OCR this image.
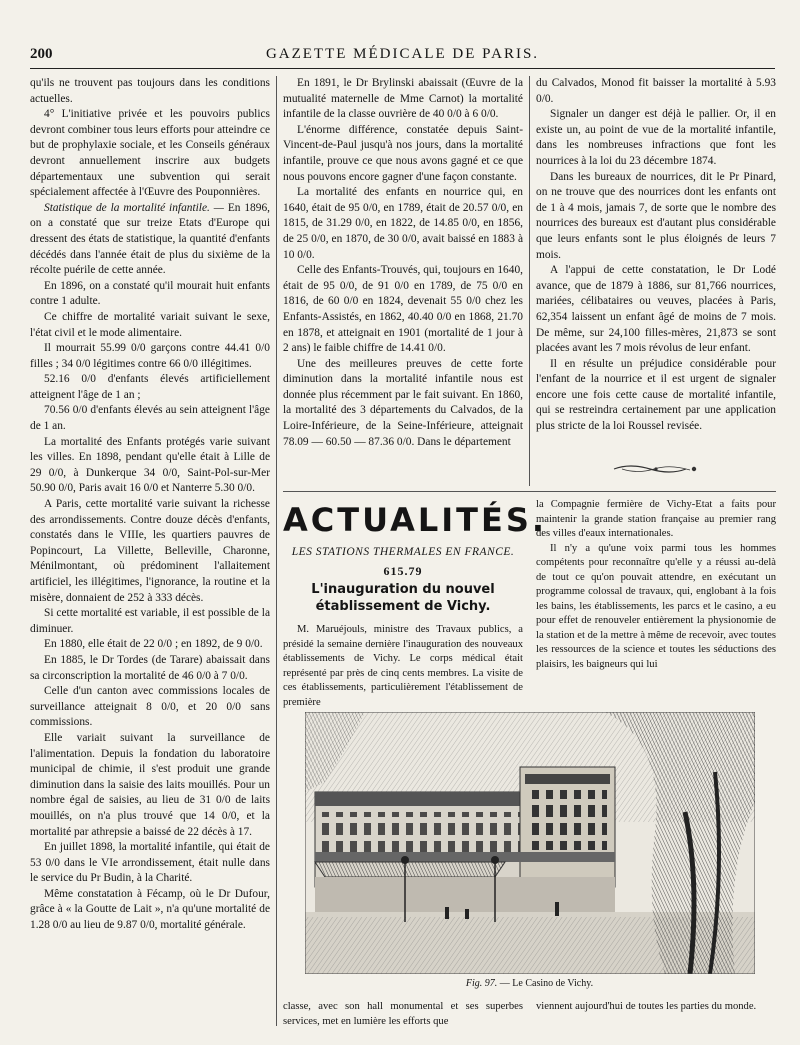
200	GAZETTE MÉDICALE DE PARIS.

qu'ils ne trouvent pas toujours dans les conditions actuelles.

4° L'initiative privée et les pouvoirs publics devront combiner tous leurs efforts pour atteindre ce but de prophylaxie sociale, et les Conseils généraux devront annuellement inscrire aux budgets départementaux une subvention qui serait spécialement affectée à l'Œuvre des Pouponnières.

Statistique de la mortalité infantile. — En 1896, on a constaté que sur treize Etats d'Europe qui dressent des états de statistique, la quantité d'enfants décédés dans l'année était de plus du sixième de la récolte puérile de cette année.

En 1896, on a constaté qu'il mourait huit enfants contre 1 adulte.

Ce chiffre de mortalité variait suivant le sexe, l'état civil et le mode alimentaire.

Il mourrait 55.99 0/0 garçons contre 44.41 0/0 filles ; 34 0/0 légitimes contre 66 0/0 illégitimes.

52.16 0/0 d'enfants élevés artificiellement atteignent l'âge de 1 an ;

70.56 0/0 d'enfants élevés au sein atteignent l'âge de 1 an.

La mortalité des Enfants protégés varie suivant les villes. En 1898, pendant qu'elle était à Lille de 29 0/0, à Dunkerque 34 0/0, Saint-Pol-sur-Mer 50.90 0/0, Paris avait 16 0/0 et Nanterre 5.30 0/0.

A Paris, cette mortalité varie suivant la richesse des arrondissements. Contre douze décès d'enfants, constatés dans le VIIIe, les quartiers pauvres de Popincourt, La Villette, Belleville, Charonne, Ménilmontant, où prédominent l'allaitement artificiel, les illégitimes, l'ignorance, la routine et la misère, donnaient de 252 à 333 décès.

Si cette mortalité est variable, il est possible de la diminuer.

En 1880, elle était de 22 0/0 ; en 1892, de 9 0/0.

En 1885, le Dr Tordes (de Tarare) abaissait dans sa circonscription la mortalité de 46 0/0 à 7 0/0.

Celle d'un canton avec commissions locales de surveillance atteignait 8 0/0, et 20 0/0 sans commissions.

Elle variait suivant la surveillance de l'alimentation. Depuis la fondation du laboratoire municipal de chimie, il s'est produit une grande diminution dans la saisie des laits mouillés. Pour un nombre égal de saisies, au lieu de 31 0/0 de laits mouillés, on n'a plus trouvé que 14 0/0, et la mortalité par athrepsie a baissé de 22 décès à 17.

En juillet 1898, la mortalité infantile, qui était de 53 0/0 dans le VIe arrondissement, était nulle dans le service du Pr Budin, à la Charité.

Même constatation à Fécamp, où le Dr Dufour, grâce à « la Goutte de Lait », n'a qu'une mortalité de 1.28 0/0 au lieu de 9.87 0/0, mortalité générale.

En 1891, le Dr Brylinski abaissait (Œuvre de la mutualité maternelle de Mme Carnot) la mortalité infantile de la classe ouvrière de 40 0/0 à 6 0/0.

L'énorme différence, constatée depuis Saint-Vincent-de-Paul jusqu'à nos jours, dans la mortalité infantile, prouve ce que nous avons gagné et ce que nous pouvons encore gagner d'une façon constante.

La mortalité des enfants en nourrice qui, en 1640, était de 95 0/0, en 1789, était de 20.57 0/0, en 1815, de 31.29 0/0, en 1822, de 14.85 0/0, en 1856, de 25 0/0, en 1870, de 30 0/0, avait baissé en 1883 à 10 0/0.

Celle des Enfants-Trouvés, qui, toujours en 1640, était de 95 0/0, de 91 0/0 en 1789, de 75 0/0 en 1816, de 60 0/0 en 1824, devenait 55 0/0 chez les Enfants-Assistés, en 1862, 40.40 0/0 en 1868, 21.70 en 1878, et atteignait en 1901 (mortalité de 1 jour à 2 ans) le faible chiffre de 14.41 0/0.

Une des meilleures preuves de cette forte diminution dans la mortalité infantile nous est donnée plus récemment par le fait suivant. En 1860, la mortalité des 3 départements du Calvados, de la Loire-Inférieure, de la Seine-Inférieure, atteignait 78.09 — 60.50 — 87.36 0/0. Dans le département

du Calvados, Monod fit baisser la mortalité à 5.93 0/0.

Signaler un danger est déjà le pallier. Or, il en existe un, au point de vue de la mortalité infantile, dans les nombreuses infractions que font les nourrices à la loi du 23 décembre 1874.

Dans les bureaux de nourrices, dit le Pr Pinard, on ne trouve que des nourrices dont les enfants ont de 1 à 4 mois, jamais 7, de sorte que le nombre des nourrices des bureaux est d'autant plus considérable que leurs enfants sont le plus éloignés de leurs 7 mois.

A l'appui de cette constatation, le Dr Lodé avance, que de 1879 à 1886, sur 81,766 nourrices, mariées, célibataires ou veuves, placées à Paris, 62,354 laissent un enfant âgé de moins de 7 mois. De même, sur 24,100 filles-mères, 21,873 se sont placées avant les 7 mois révolus de leur enfant.

Il en résulte un préjudice considérable pour l'enfant de la nourrice et il est urgent de signaler encore une fois cette cause de mortalité infantile, qui se restreindra certainement par une application plus stricte de la loi Roussel revisée.

ACTUALITÉS.
LES STATIONS THERMALES EN FRANCE.
615.79
L'inauguration du nouvel établissement de Vichy.

M. Maruéjouls, ministre des Travaux publics, a présidé la semaine dernière l'inauguration des nouveaux établissements de Vichy. Le corps médical était représenté par près de cinq cents membres. La visite de ces établissements, particulièrement l'établissement de première

la Compagnie fermière de Vichy-Etat a faits pour maintenir la grande station française au premier rang des villes d'eaux internationales.

Il n'y a qu'une voix parmi tous les hommes compétents pour reconnaître qu'elle y a réussi au-delà de tout ce qu'on pouvait attendre, en exécutant un programme colossal de travaux, qui, englobant à la fois les bains, les établissements, les parcs et le casino, a eu pour effet de renouveler entièrement la physionomie de la station et de la mettre à même de recevoir, avec toutes les ressources de la science et toutes les séductions des plaisirs, les baigneurs qui lui

Fig. 97. — Le Casino de Vichy.

classe, avec son hall monumental et ses superbes services, met en lumière les efforts que

viennent aujourd'hui de toutes les parties du monde.
